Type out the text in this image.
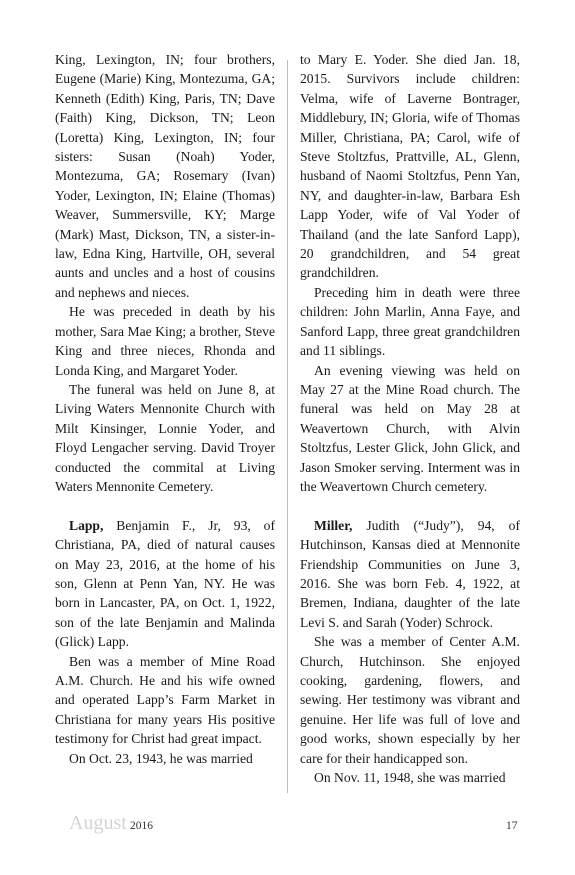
King, Lexington, IN; four brothers, Eugene (Marie) King, Montezuma, GA; Kenneth (Edith) King, Paris, TN; Dave (Faith) King, Dickson, TN; Leon (Loretta) King, Lexington, IN; four sisters: Susan (Noah) Yoder, Montezuma, GA; Rosemary (Ivan) Yoder, Lexington, IN; Elaine (Thomas) Weaver, Summersville, KY; Marge (Mark) Mast, Dickson, TN, a sister-in-law, Edna King, Hartville, OH, several aunts and uncles and a host of cousins and nephews and nieces.

He was preceded in death by his mother, Sara Mae King; a brother, Steve King and three nieces, Rhonda and Londa King, and Margaret Yoder.

The funeral was held on June 8, at Living Waters Mennonite Church with Milt Kinsinger, Lonnie Yoder, and Floyd Lengacher serving. David Troyer conducted the commital at Living Waters Mennonite Cemetery.

Lapp, Benjamin F., Jr, 93, of Christiana, PA, died of natural causes on May 23, 2016, at the home of his son, Glenn at Penn Yan, NY. He was born in Lancaster, PA, on Oct. 1, 1922, son of the late Benjamin and Malinda (Glick) Lapp.

Ben was a member of Mine Road A.M. Church. He and his wife owned and operated Lapp’s Farm Market in Christiana for many years His positive testimony for Christ had great impact.

On Oct. 23, 1943, he was married

to Mary E. Yoder. She died Jan. 18, 2015. Survivors include children: Velma, wife of Laverne Bontrager, Middlebury, IN; Gloria, wife of Thomas Miller, Christiana, PA; Carol, wife of Steve Stoltzfus, Prattville, AL, Glenn, husband of Naomi Stoltzfus, Penn Yan, NY, and daughter-in-law, Barbara Esh Lapp Yoder, wife of Val Yoder of Thailand (and the late Sanford Lapp), 20 grandchildren, and 54 great grandchildren.

Preceding him in death were three children: John Marlin, Anna Faye, and Sanford Lapp, three great grandchildren and 11 siblings.

An evening viewing was held on May 27 at the Mine Road church. The funeral was held on May 28 at Weavertown Church, with Alvin Stoltzfus, Lester Glick, John Glick, and Jason Smoker serving. Interment was in the Weavertown Church cemetery.

Miller, Judith (“Judy”), 94, of Hutchinson, Kansas died at Mennonite Friendship Communities on June 3, 2016. She was born Feb. 4, 1922, at Bremen, Indiana, daughter of the late Levi S. and Sarah (Yoder) Schrock.

She was a member of Center A.M. Church, Hutchinson. She enjoyed cooking, gardening, flowers, and sewing. Her testimony was vibrant and genuine. Her life was full of love and good works, shown especially by her care for their handicapped son.

On Nov. 11, 1948, she was married

August 2016	17
